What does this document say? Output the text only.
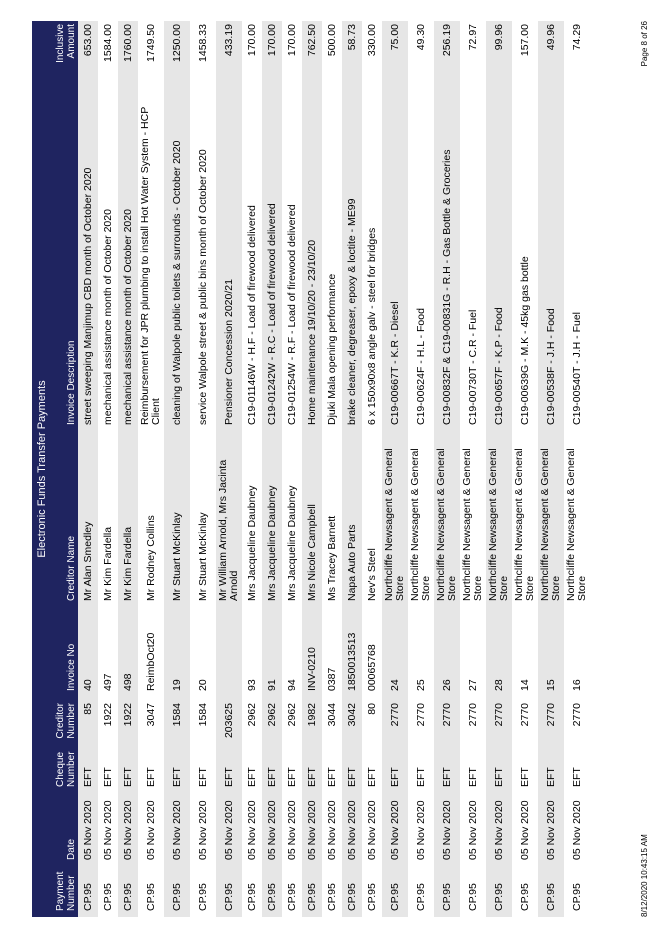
Electronic Funds Transfer Payments
Payment Number
Date
Cheque Number
Creditor Number
Invoice No
Creditor Name
Invoice Description
Inclusive Amount
CP.95
05 Nov 2020
EFT
85
40
Mr Alan Smedley
street sweeping Manjimup CBD month of October 2020
653.00
CP.95
05 Nov 2020
EFT
1922
497
Mr Kim Fardella
mechanical assistance month of October 2020
1584.00
CP.95
05 Nov 2020
EFT
1922
498
Mr Kim Fardella
mechanical assistance month of October 2020
1760.00
CP.95
05 Nov 2020
EFT
3047
ReimbOct20
Mr Rodney Collins
Reimbursement for JPR plumbing to install Hot Water System - HCP Client
1749.50
CP.95
05 Nov 2020
EFT
1584
19
Mr Stuart McKinlay
cleaning of Walpole public toilets & surrounds - October 2020
1250.00
CP.95
05 Nov 2020
EFT
1584
20
Mr Stuart McKinlay
service Walpole street & public bins month of October 2020
1458.33
CP.95
05 Nov 2020
EFT
203625
Mr William Arnold, Mrs Jacinta Arnold
Pensioner Concession 2020/21
433.19
CP.95
05 Nov 2020
EFT
2962
93
Mrs Jacqueline Daubney
C19-01146W - H.F - Load of firewood delivered
170.00
CP.95
05 Nov 2020
EFT
2962
91
Mrs Jacqueline Daubney
C19-01242W - R.C - Load of firewood delivered
170.00
CP.95
05 Nov 2020
EFT
2962
94
Mrs Jacqueline Daubney
C19-01254W - R.F - Load of firewood delivered
170.00
CP.95
05 Nov 2020
EFT
1982
INV-0210
Mrs Nicole Campbell
Home maintenance 19/10/20 - 23/10/20
762.50
CP.95
05 Nov 2020
EFT
3044
0387
Ms Tracey Barnett
Djuki Mala opening performance
500.00
CP.95
05 Nov 2020
EFT
3042
1850013513
Napa Auto Parts
brake cleaner, degreaser, epoxy & loctite - ME99
58.73
CP.95
05 Nov 2020
EFT
80
00065768
Nev's Steel
6 x 150x90x8 angle galv - steel for bridges
330.00
CP.95
05 Nov 2020
EFT
2770
24
Northcliffe Newsagent & General Store
C19-00667T - K.R - Diesel
75.00
CP.95
05 Nov 2020
EFT
2770
25
Northcliffe Newsagent & General Store
C19-00624F - H.L - Food
49.30
CP.95
05 Nov 2020
EFT
2770
26
Northcliffe Newsagent & General Store
C19-00832F & C19-00831G - R.H - Gas Bottle & Groceries
256.19
CP.95
05 Nov 2020
EFT
2770
27
Northcliffe Newsagent & General Store
C19-00730T - C.R - Fuel
72.97
CP.95
05 Nov 2020
EFT
2770
28
Northcliffe Newsagent & General Store
C19-00657F - K.P - Food
99.96
CP.95
05 Nov 2020
EFT
2770
14
Northcliffe Newsagent & General Store
C19-00639G - M.K - 45kg gas bottle
157.00
CP.95
05 Nov 2020
EFT
2770
15
Northcliffe Newsagent & General Store
C19-00538F - J.H - Food
49.96
CP.95
05 Nov 2020
EFT
2770
16
Northcliffe Newsagent & General Store
C19-00540T - J.H - Fuel
74.29
8/12/2020 10:43:15 AM
Page 8 of 26
